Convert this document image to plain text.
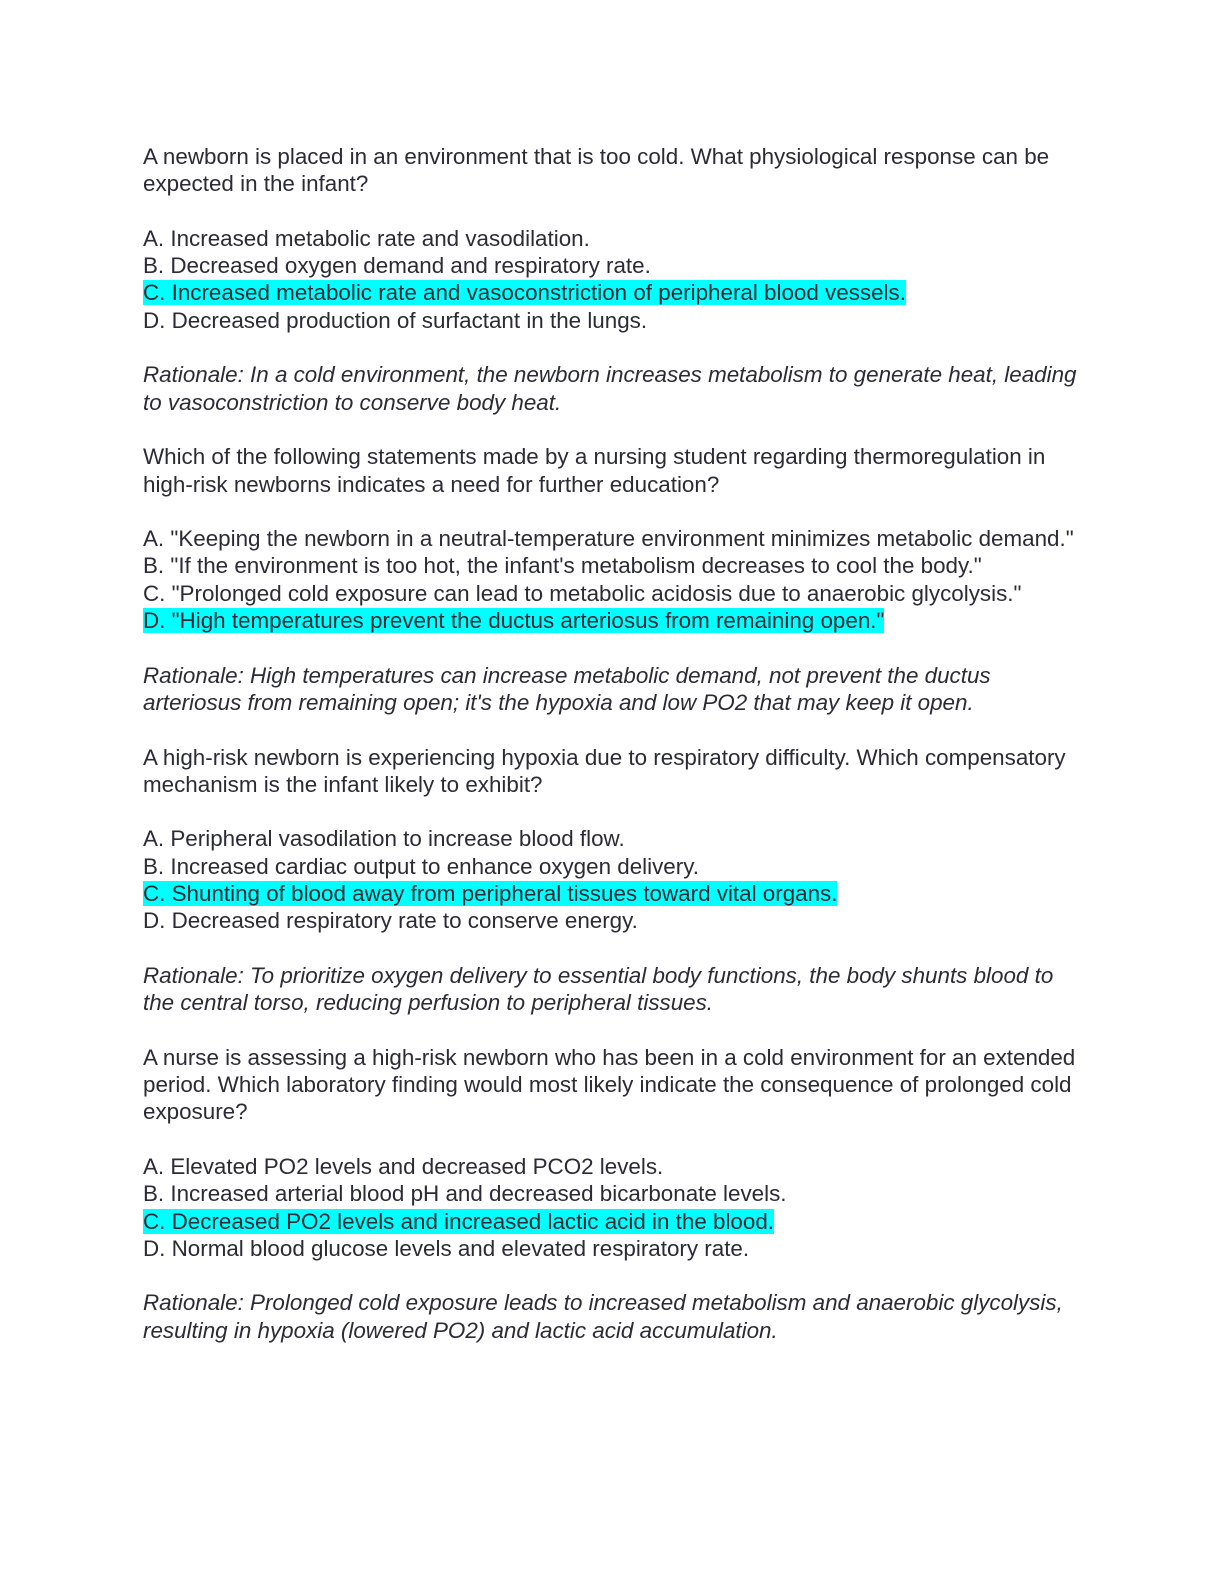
A newborn is placed in an environment that is too cold. What physiological response can be expected in the infant?
A. Increased metabolic rate and vasodilation.
B. Decreased oxygen demand and respiratory rate.
C. Increased metabolic rate and vasoconstriction of peripheral blood vessels.
D. Decreased production of surfactant in the lungs.
Rationale: In a cold environment, the newborn increases metabolism to generate heat, leading to vasoconstriction to conserve body heat.
Which of the following statements made by a nursing student regarding thermoregulation in high-risk newborns indicates a need for further education?
A. "Keeping the newborn in a neutral-temperature environment minimizes metabolic demand."
B. "If the environment is too hot, the infant's metabolism decreases to cool the body."
C. "Prolonged cold exposure can lead to metabolic acidosis due to anaerobic glycolysis."
D. "High temperatures prevent the ductus arteriosus from remaining open."
Rationale: High temperatures can increase metabolic demand, not prevent the ductus arteriosus from remaining open; it's the hypoxia and low PO2 that may keep it open.
A high-risk newborn is experiencing hypoxia due to respiratory difficulty. Which compensatory mechanism is the infant likely to exhibit?
A. Peripheral vasodilation to increase blood flow.
B. Increased cardiac output to enhance oxygen delivery.
C. Shunting of blood away from peripheral tissues toward vital organs.
D. Decreased respiratory rate to conserve energy.
Rationale: To prioritize oxygen delivery to essential body functions, the body shunts blood to the central torso, reducing perfusion to peripheral tissues.
A nurse is assessing a high-risk newborn who has been in a cold environment for an extended period. Which laboratory finding would most likely indicate the consequence of prolonged cold exposure?
A. Elevated PO2 levels and decreased PCO2 levels.
B. Increased arterial blood pH and decreased bicarbonate levels.
C. Decreased PO2 levels and increased lactic acid in the blood.
D. Normal blood glucose levels and elevated respiratory rate.
Rationale: Prolonged cold exposure leads to increased metabolism and anaerobic glycolysis, resulting in hypoxia (lowered PO2) and lactic acid accumulation.
